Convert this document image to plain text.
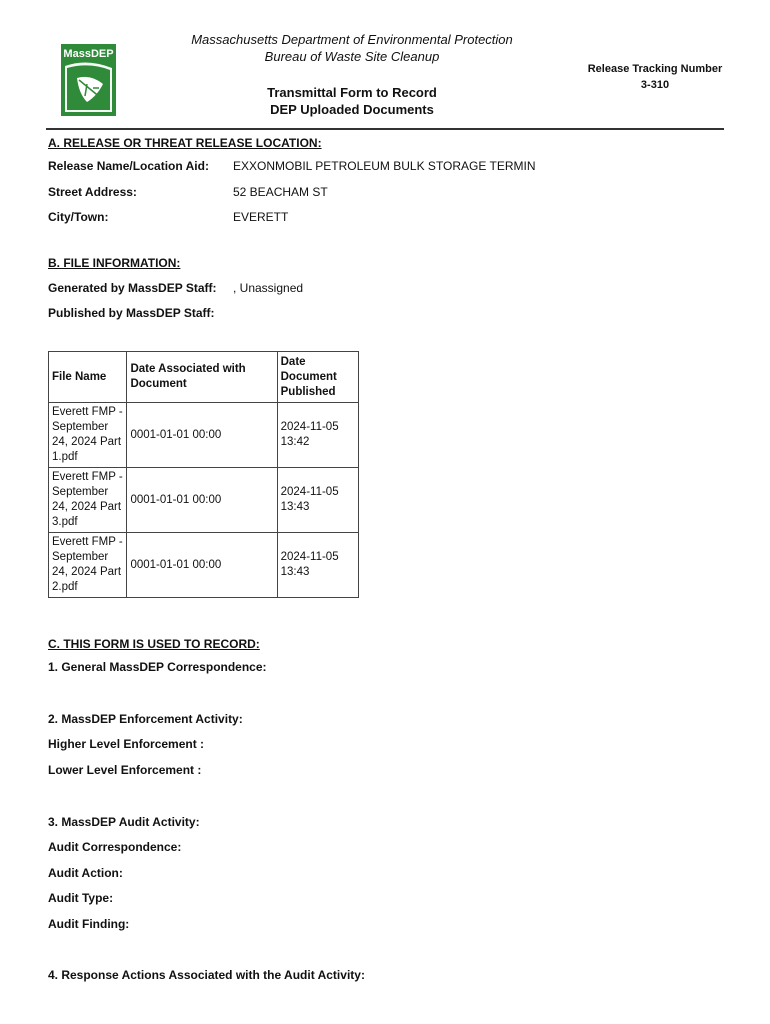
MassDEP
Massachusetts Department of Environmental Protection
Bureau of Waste Site Cleanup
Transmittal Form to Record
DEP Uploaded Documents
Release Tracking Number
3-310
A. RELEASE OR THREAT RELEASE LOCATION:
Release Name/Location Aid: EXXONMOBIL PETROLEUM BULK STORAGE TERMIN
Street Address:	52 BEACHAM ST
City/Town:	EVERETT
B. FILE INFORMATION:
Generated by MassDEP Staff: , Unassigned
Published by MassDEP Staff:
File Name	Date Associated with Document	Date Document Published
Everett FMP - September 24, 2024 Part 1.pdf	0001-01-01 00:00	2024-11-05 13:42
Everett FMP - September 24, 2024 Part 3.pdf	0001-01-01 00:00	2024-11-05 13:43
Everett FMP - September 24, 2024 Part 2.pdf	0001-01-01 00:00	2024-11-05 13:43
C. THIS FORM IS USED TO RECORD:
1. General MassDEP Correspondence:
2. MassDEP Enforcement Activity:
Higher Level Enforcement :
Lower Level Enforcement :
3. MassDEP Audit Activity:
Audit Correspondence:
Audit Action:
Audit Type:
Audit Finding:
4. Response Actions Associated with the Audit Activity:
